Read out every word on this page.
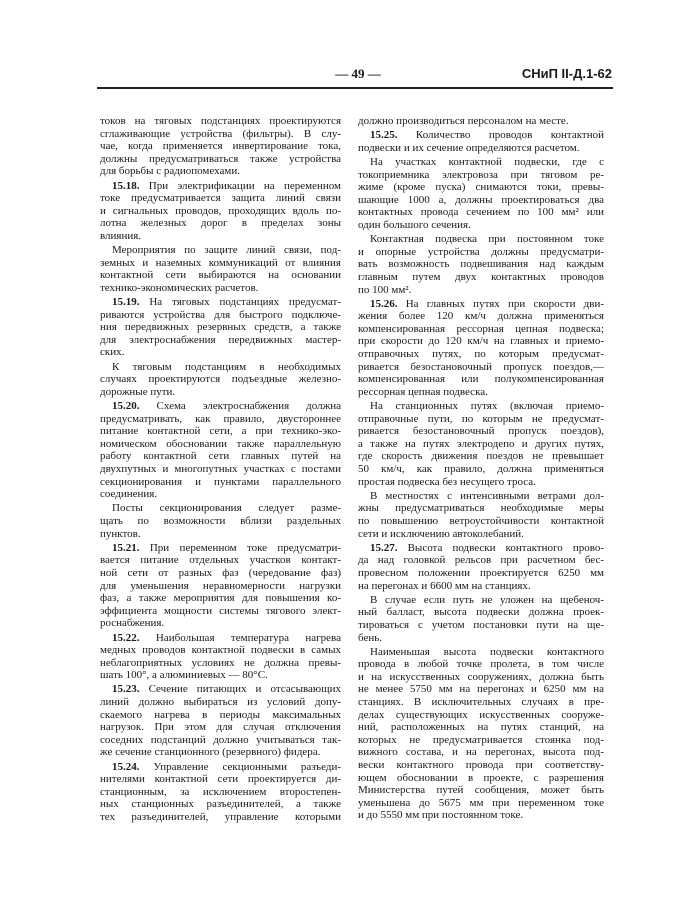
— 49 —	СНиП II-Д.1-62
токов на тяговых подстанциях проектируются
сглаживающие устройства (фильтры). В слу-
чае, когда применяется инвертирование тока,
должны предусматриваться также устройства
для борьбы с радиопомехами.
15.18. При электрификации на переменном
токе предусматривается защита линий связи
и сигнальных проводов, проходящих вдоль по-
лотна железных дорог в пределах зоны
влияния.
Мероприятия по защите линий связи, под-
земных и наземных коммуникаций от влияния
контактной сети выбираются на основании
технико-экономических расчетов.
15.19. На тяговых подстанциях предусмат-
риваются устройства для быстрого подключе-
ния передвижных резервных средств, а также
для электроснабжения передвижных мастер-
ских.
К тяговым подстанциям в необходимых
случаях проектируются подъездные железно-
дорожные пути.
15.20. Схема электроснабжения должна
предусматривать, как правило, двустороннее
питание контактной сети, а при технико-эко-
номическом обосновании также параллельную
работу контактной сети главных путей на
двухпутных и многопутных участках с постами
секционирования и пунктами параллельного
соединения.
Посты секционирования следует разме-
щать по возможности вблизи раздельных
пунктов.
15.21. При переменном токе предусматри-
вается питание отдельных участков контакт-
ной сети от разных фаз (чередование фаз)
для уменьшения неравномерности нагрузки
фаз, а также мероприятия для повышения ко-
эффициента мощности системы тягового элект-
роснабжения.
15.22. Наибольшая температура нагрева
медных проводов контактной подвески в самых
неблагоприятных условиях не должна превы-
шать 100°, а алюминиевых — 80°С.
15.23. Сечение питающих и отсасывающих
линий должно выбираться из условий допу-
скаемого нагрева в периоды максимальных
нагрузок. При этом для случая отключения
соседних подстанций должно учитываться так-
же сечение станционного (резервного) фидера.
15.24. Управление секционными разъеди-
нителями контактной сети проектируется ди-
станционным, за исключением второстепен-
ных станционных разъединителей, а также
тех разъединителей, управление которыми
должно производиться персоналом на месте.
15.25. Количество проводов контактной
подвески и их сечение определяются расчетом.
На участках контактной подвески, где с
токоприемника электровоза при тяговом ре-
жиме (кроме пуска) снимаются токи, превы-
шающие 1000 а, должны проектироваться два
контактных провода сечением по 100 мм² или
один большого сечения.
Контактная подвеска при постоянном токе
и опорные устройства должны предусматри-
вать возможность подвешивания над каждым
главным путем двух контактных проводов
по 100 мм².
15.26. На главных путях при скорости дви-
жения более 120 км/ч должна применяться
компенсированная рессорная цепная подвеска;
при скорости до 120 км/ч на главных и приемо-
отправочных путях, по которым предусмат-
ривается безостановочный пропуск поездов,—
компенсированная или полукомпенсированная
рессорная цепная подвеска.
На станционных путях (включая приемо-
отправочные пути, по которым не предусмат-
ривается безостановочный пропуск поездов),
а также на путях электродепо и других путях,
где скорость движения поездов не превышает
50 км/ч, как правило, должна применяться
простая подвеска без несущего троса.
В местностях с интенсивными ветрами дол-
жны предусматриваться необходимые меры
по повышению ветроустойчивости контактной
сети и исключению автоколебаний.
15.27. Высота подвески контактного прово-
да над головкой рельсов при расчетном бес-
провесном положении проектируется 6250 мм
на перегонах и 6600 мм на станциях.
В случае если путь не уложен на щебеноч-
ный балласт, высота подвески должна проек-
тироваться с учетом постановки пути на ще-
бень.
Наименьшая высота подвески контактного
провода в любой точке пролета, в том числе
и на искусственных сооружениях, должна быть
не менее 5750 мм на перегонах и 6250 мм на
станциях. В исключительных случаях в пре-
делах существующих искусственных сооруже-
ний, расположенных на путях станций, на
которых не предусматривается стоянка под-
вижного состава, и на перегонах, высота под-
вески контактного провода при соответству-
ющем обосновании в проекте, с разрешения
Министерства путей сообщения, может быть
уменьшена до 5675 мм при переменном токе
и до 5550 мм при постоянном токе.
